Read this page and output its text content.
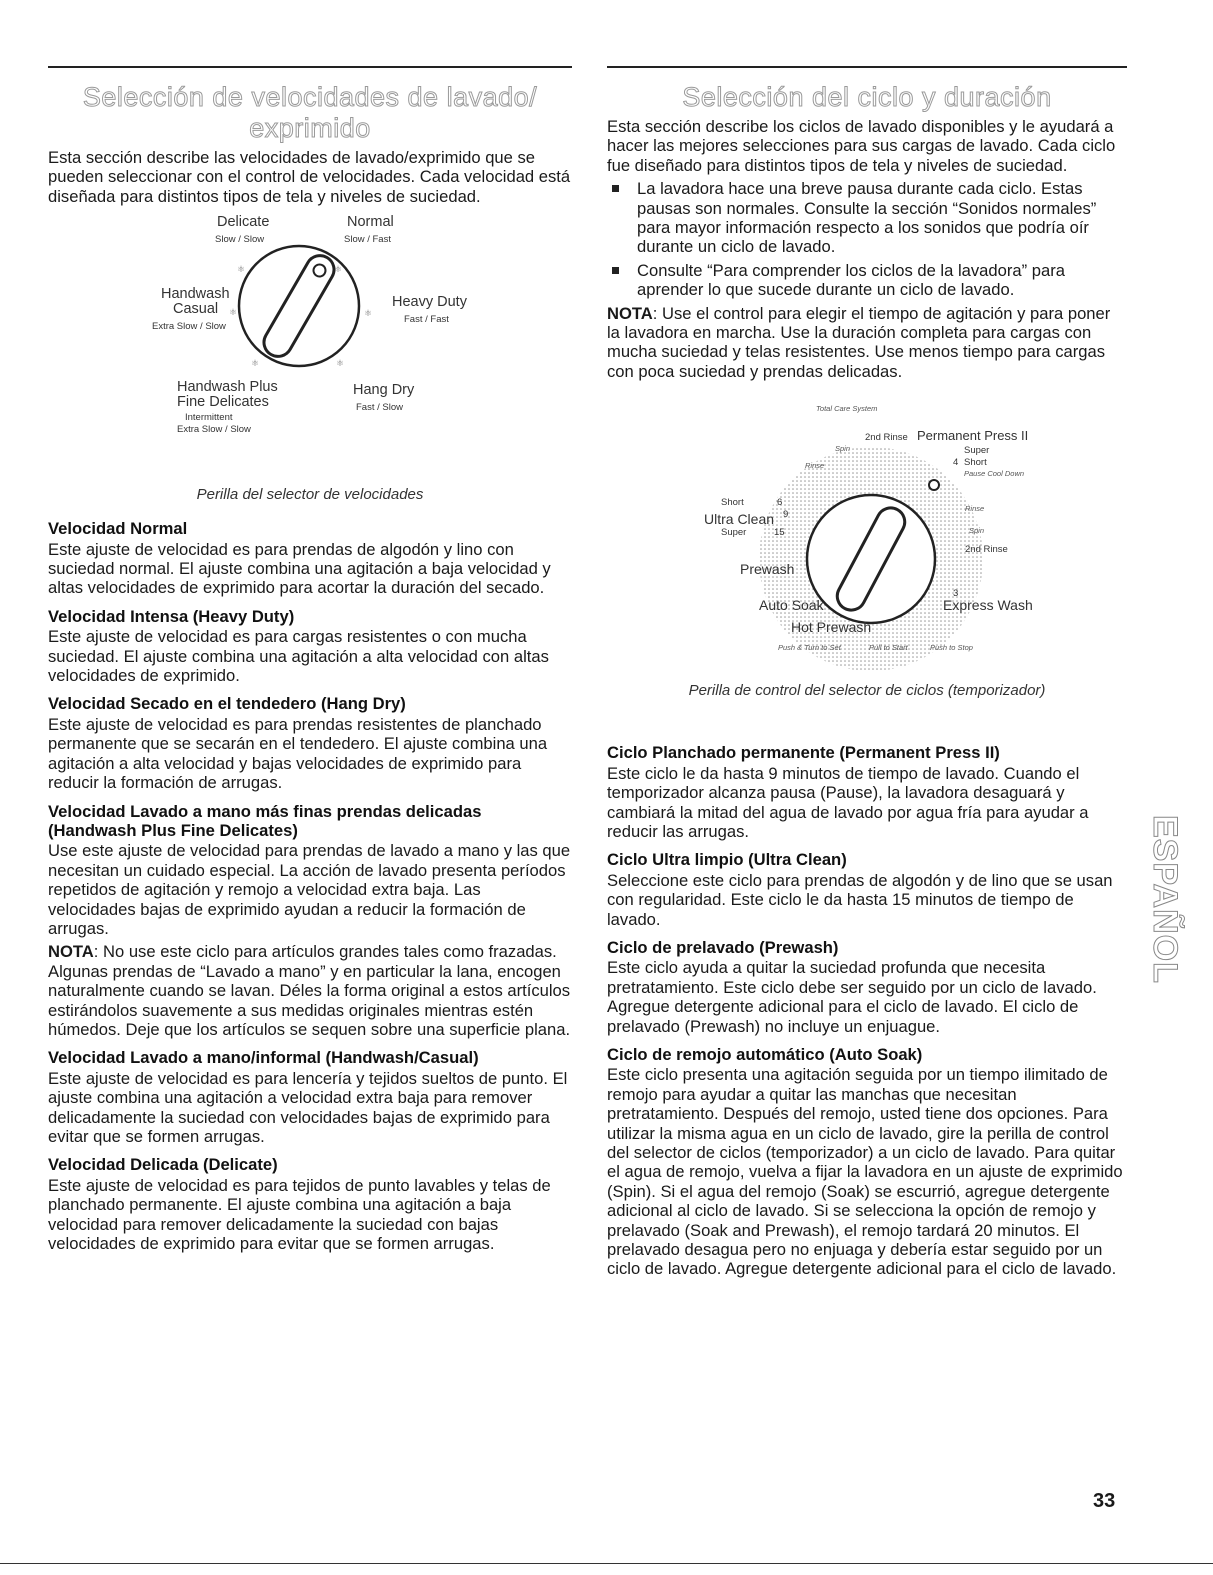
Selección de velocidades de lavado/ exprimido

Esta sección describe las velocidades de lavado/exprimido que se pueden seleccionar con el control de velocidades. Cada velocidad está diseñada para distintos tipos de tela y niveles de suciedad.

⚛	⚛
⚛	⚛
⚛	⚛
Delicate
Slow / Slow
Normal
Slow / Fast
Handwash
Casual
Extra Slow / Slow
Heavy Duty
Fast / Fast
Handwash Plus
Fine Delicates
Intermittent
Extra Slow / Slow
Hang Dry
Fast / Slow
Perilla del selector de velocidades
Velocidad Normal

Este ajuste de velocidad es para prendas de algodón y lino con suciedad normal. El ajuste combina una agitación a baja velocidad y altas velocidades de exprimido para acortar la duración del secado.

Velocidad Intensa (Heavy Duty)

Este ajuste de velocidad es para cargas resistentes o con mucha suciedad. El ajuste combina una agitación a alta velocidad con altas velocidades de exprimido.

Velocidad Secado en el tendedero (Hang Dry)

Este ajuste de velocidad es para prendas resistentes de planchado permanente que se secarán en el tendedero. El ajuste combina una agitación a alta velocidad y bajas velocidades de exprimido para reducir la formación de arrugas.

Velocidad Lavado a mano más finas prendas delicadas (Handwash Plus Fine Delicates)

Use este ajuste de velocidad para prendas de lavado a mano y las que necesitan un cuidado especial. La acción de lavado presenta períodos repetidos de agitación y remojo a velocidad extra baja. Las velocidades bajas de exprimido ayudan a reducir la formación de arrugas.

NOTA: No use este ciclo para artículos grandes tales como frazadas. Algunas prendas de “Lavado a mano” y en particular la lana, encogen naturalmente cuando se lavan. Déles la forma original a estos artículos estirándolos suavemente a sus medidas originales mientras estén húmedos. Deje que los artículos se sequen sobre una superficie plana.

Velocidad Lavado a mano/informal (Handwash/Casual)

Este ajuste de velocidad es para lencería y tejidos sueltos de punto. El ajuste combina una agitación a velocidad extra baja para remover delicadamente la suciedad con velocidades bajas de exprimido para evitar que se formen arrugas.

Velocidad Delicada (Delicate)

Este ajuste de velocidad es para tejidos de punto lavables y telas de planchado permanente. El ajuste combina una agitación a baja velocidad para remover delicadamente la suciedad con bajas velocidades de exprimido para evitar que se formen arrugas.

Selección del ciclo y duración

Esta sección describe los ciclos de lavado disponibles y le ayudará a hacer las mejores selecciones para sus cargas de lavado. Cada ciclo fue diseñado para distintos tipos de tela y niveles de suciedad.

La lavadora hace una breve pausa durante cada ciclo. Estas pausas son normales. Consulte la sección “Sonidos normales” para mayor información respecto a los sonidos que podría oír durante un ciclo de lavado.

Consulte “Para comprender los ciclos de la lavadora” para aprender lo que sucede durante un ciclo de lavado.

NOTA: Use el control para elegir el tiempo de agitación y para poner la lavadora en marcha. Use la duración completa para cargas con mucha suciedad y telas resistentes. Use menos tiempo para cargas con poca suciedad y prendas delicadas.

Total Care System
2nd Rinse Permanent Press II
Super
Short
Pause Cool Down
Spin
Rinse
Short	6
Ultra Clean 9
Super	15
4
Rinse
Spin
2nd Rinse
3
Prewash
Auto Soak	Express Wash
Hot Prewash
Push & Turn to Set	Pull to Start	Push to Stop
Perilla de control del selector de ciclos (temporizador)
Ciclo Planchado permanente (Permanent Press II)

Este ciclo le da hasta 9 minutos de tiempo de lavado. Cuando el temporizador alcanza pausa (Pause), la lavadora desaguará y cambiará la mitad del agua de lavado por agua fría para ayudar a reducir las arrugas.

Ciclo Ultra limpio (Ultra Clean)

Seleccione este ciclo para prendas de algodón y de lino que se usan con regularidad. Este ciclo le da hasta 15 minutos de tiempo de lavado.

Ciclo de prelavado (Prewash)

Este ciclo ayuda a quitar la suciedad profunda que necesita pretratamiento. Este ciclo debe ser seguido por un ciclo de lavado. Agregue detergente adicional para el ciclo de lavado. El ciclo de prelavado (Prewash) no incluye un enjuague.

Ciclo de remojo automático (Auto Soak)

Este ciclo presenta una agitación seguida por un tiempo ilimitado de remojo para ayudar a quitar las manchas que necesitan pretratamiento. Después del remojo, usted tiene dos opciones. Para utilizar la misma agua en un ciclo de lavado, gire la perilla de control del selector de ciclos (temporizador) a un ciclo de lavado. Para quitar el agua de remojo, vuelva a fijar la lavadora en un ajuste de exprimido (Spin). Si el agua del remojo (Soak) se escurrió, agregue detergente adicional al ciclo de lavado. Si se selecciona la opción de remojo y prelavado (Soak and Prewash), el remojo tardará 20 minutos. El prelavado desagua pero no enjuaga y debería estar seguido por un ciclo de lavado. Agregue detergente adicional para el ciclo de lavado.

ESPAÑOL
33
